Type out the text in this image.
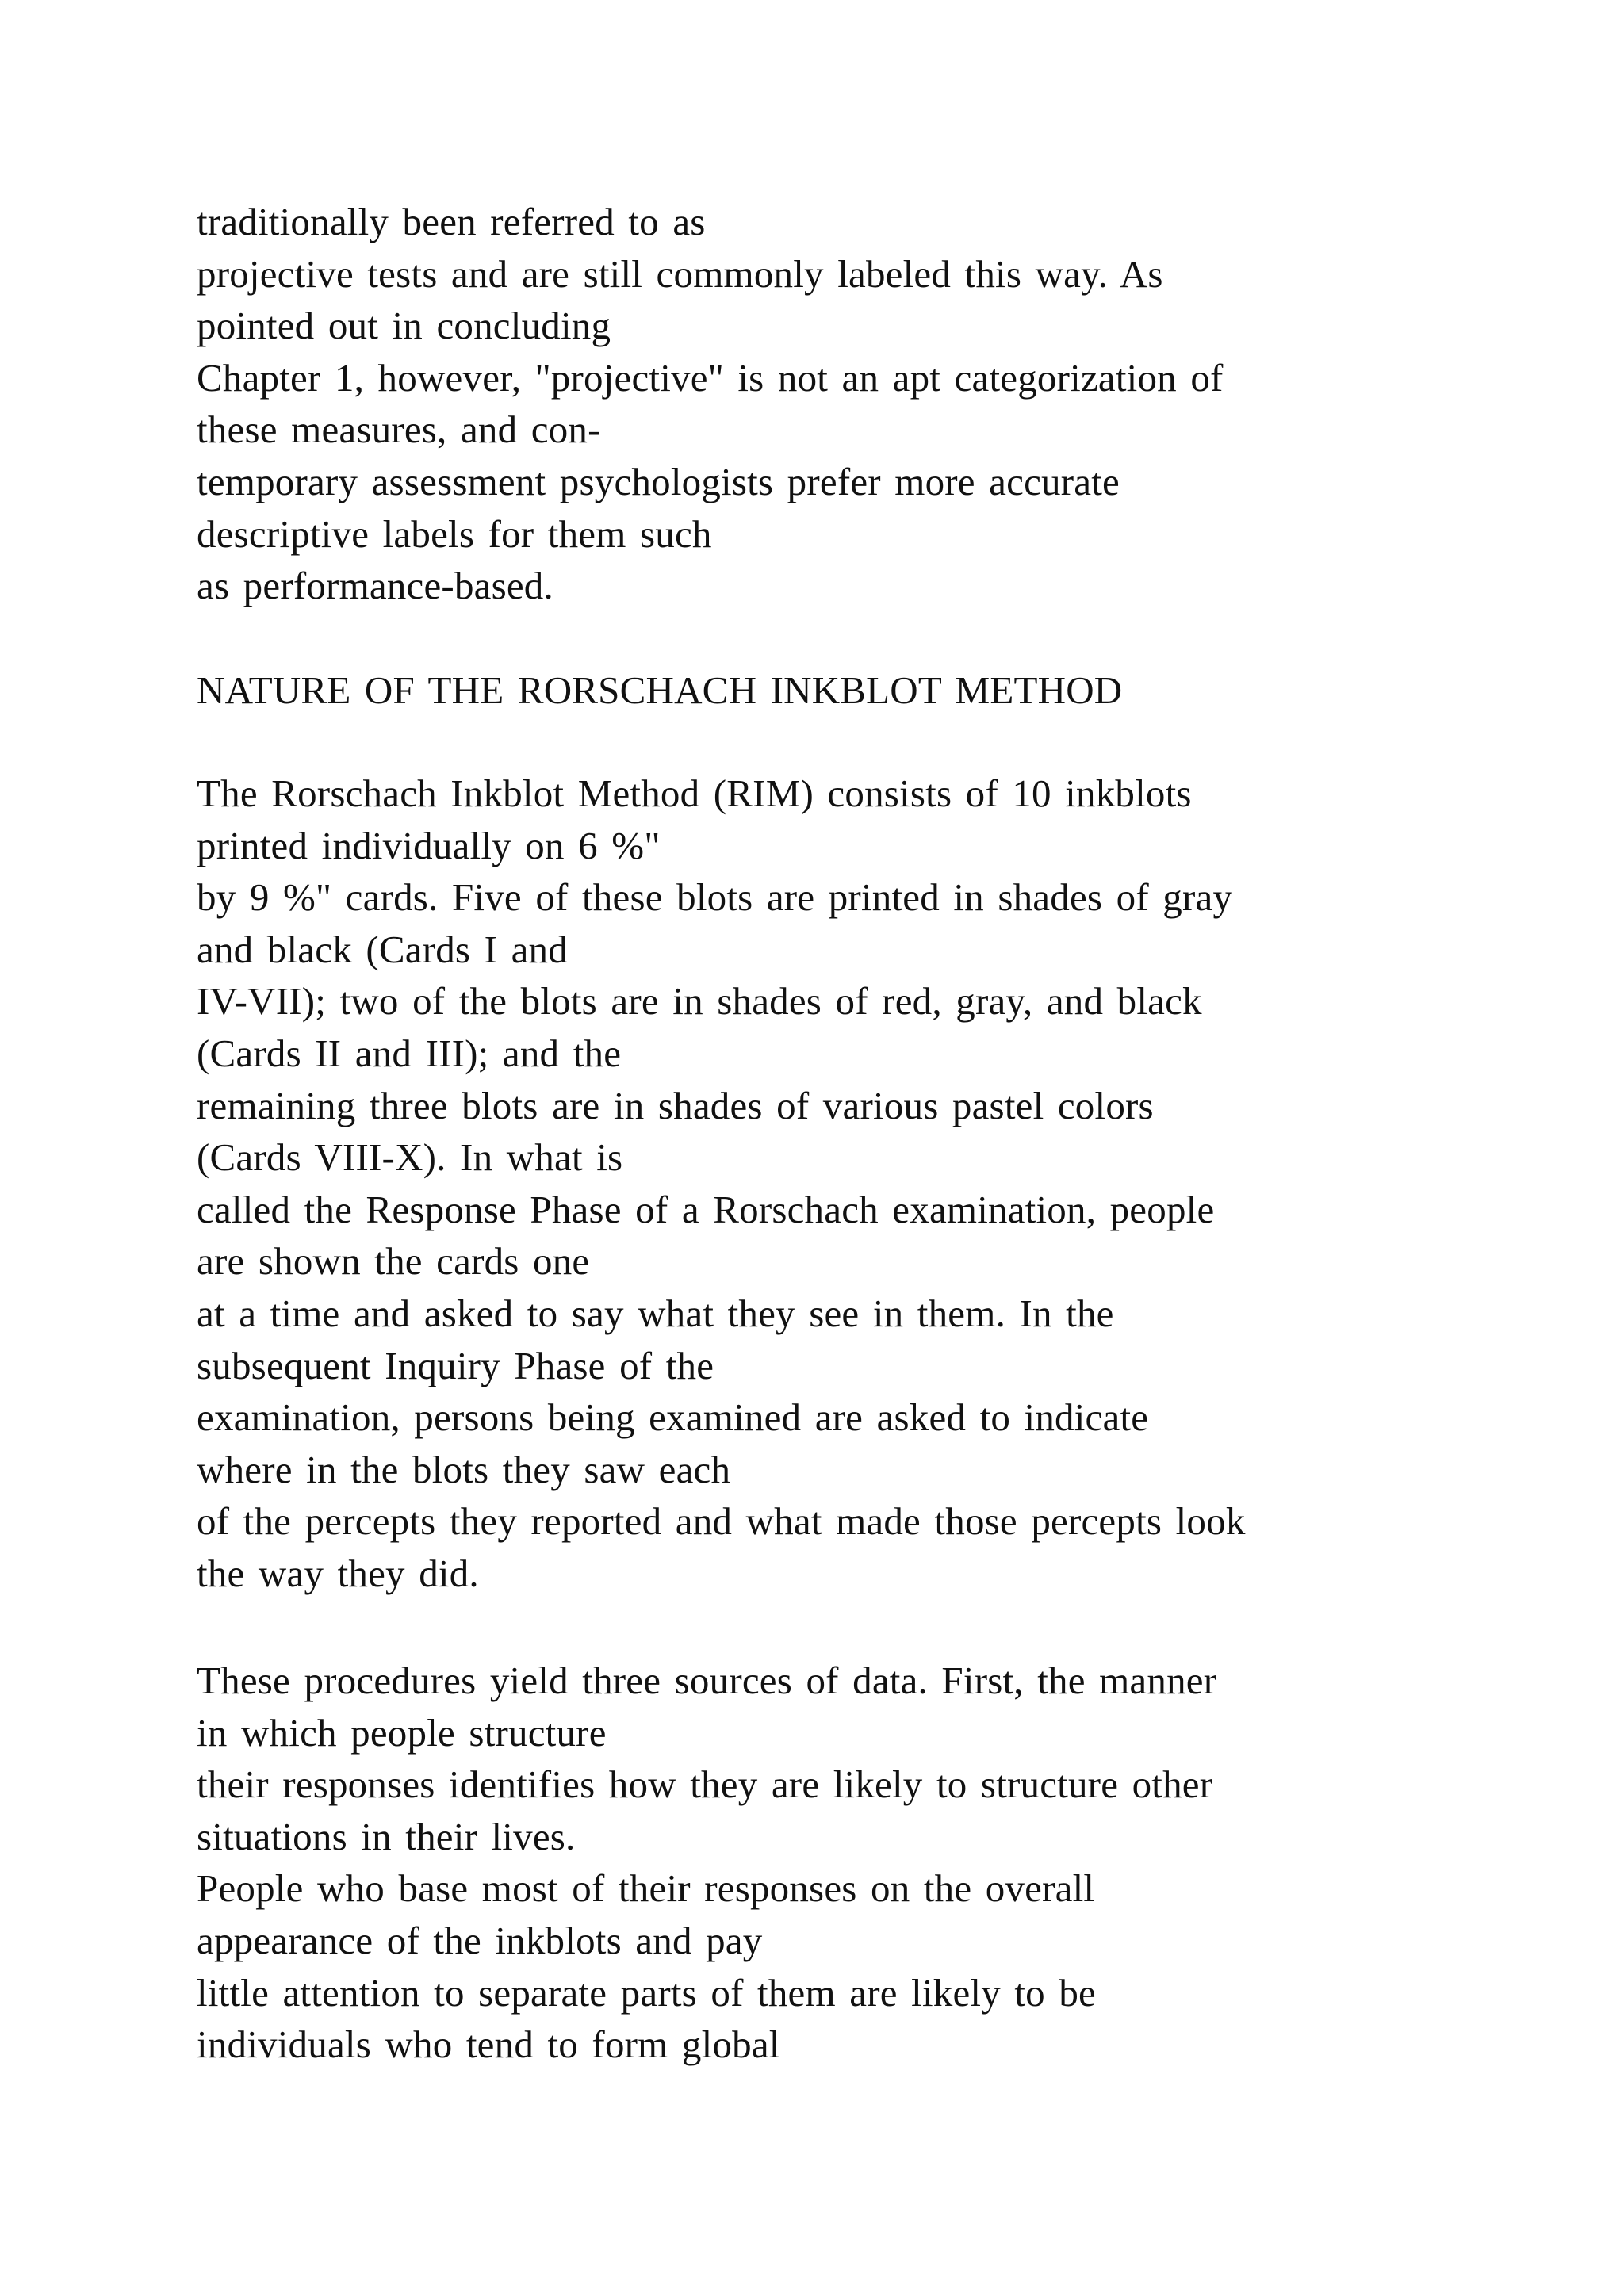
traditionally been referred to as
projective tests and are still commonly labeled this way. As
pointed out in concluding
Chapter 1, however, "projective" is not an apt categorization of
these measures, and con-
temporary assessment psychologists prefer more accurate
descriptive labels for them such
as performance-based.
NATURE OF THE RORSCHACH INKBLOT METHOD
The Rorschach Inkblot Method (RIM) consists of 10 inkblots
printed individually on 6 %"
by 9 %" cards. Five of these blots are printed in shades of gray
and black (Cards I and
IV-VII); two of the blots are in shades of red, gray, and black
(Cards II and III); and the
remaining three blots are in shades of various pastel colors
(Cards VIII-X). In what is
called the Response Phase of a Rorschach examination, people
are shown the cards one
at a time and asked to say what they see in them. In the
subsequent Inquiry Phase of the
examination, persons being examined are asked to indicate
where in the blots they saw each
of the percepts they reported and what made those percepts look
the way they did.
These procedures yield three sources of data. First, the manner
in which people structure
their responses identifies how they are likely to structure other
situations in their lives.
People who base most of their responses on the overall
appearance of the inkblots and pay
little attention to separate parts of them are likely to be
individuals who tend to form global
